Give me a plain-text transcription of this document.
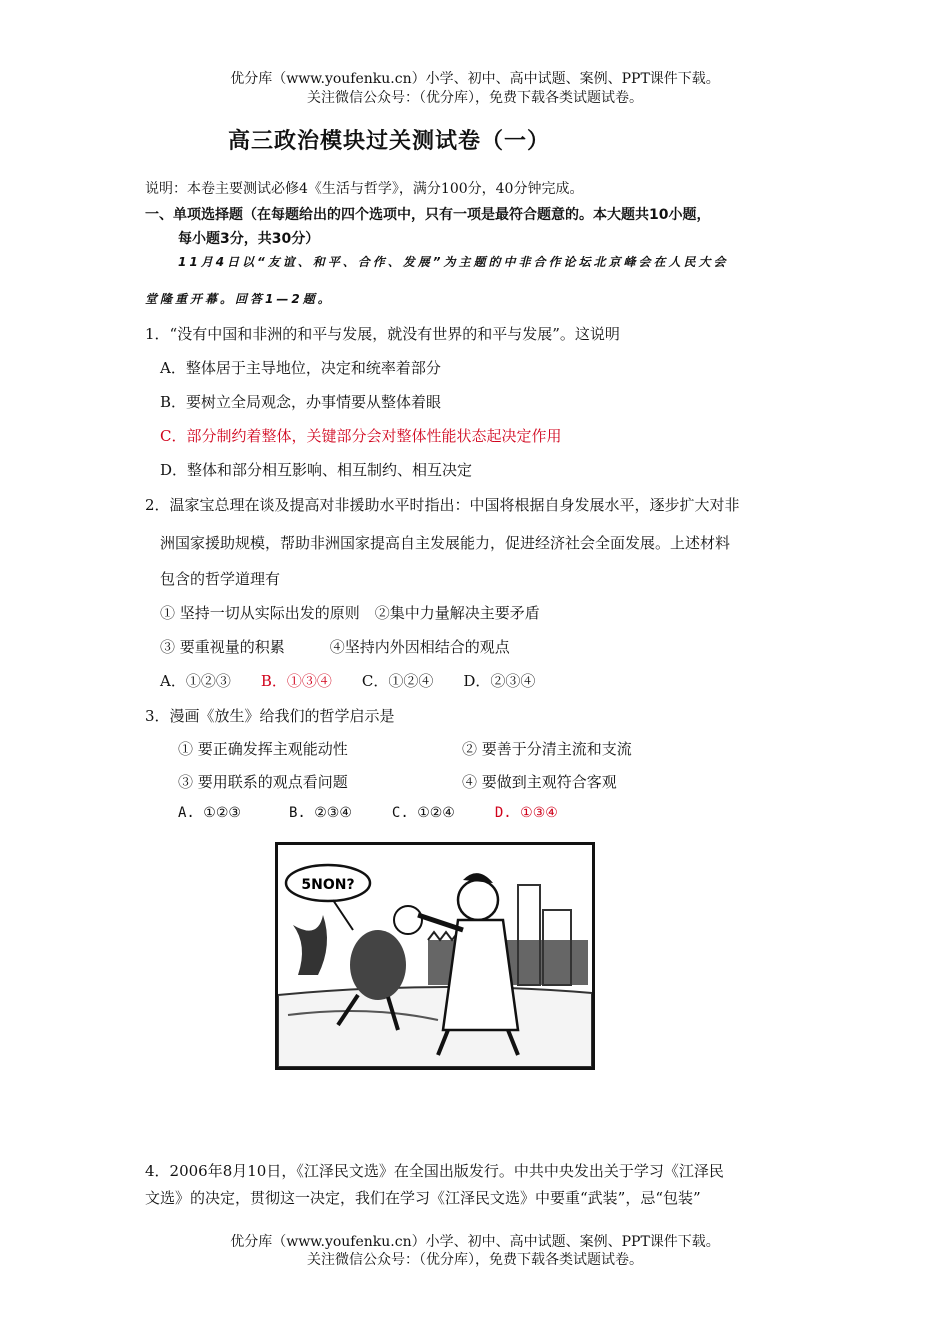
优分库（www.youfenku.cn）小学、初中、高中试题、案例、PPT课件下载。
关注微信公众号：（优分库），免费下载各类试题试卷。
高三政治模块过关测试卷（一）
说明：本卷主要测试必修4《生活与哲学》，满分100分，40分钟完成。
一、单项选择题（在每题给出的四个选项中，只有一项是最符合题意的。本大题共10小题，
每小题3分，共30分）
11月4日以“友谊、和平、合作、发展”为主题的中非合作论坛北京峰会在人民大会
堂隆重开幕。回答1—2题。
1．“没有中国和非洲的和平与发展，就没有世界的和平与发展”。这说明
A．整体居于主导地位，决定和统率着部分
B．要树立全局观念，办事情要从整体着眼
C．部分制约着整体，关键部分会对整体性能状态起决定作用
D．整体和部分相互影响、相互制约、相互决定
2．温家宝总理在谈及提高对非援助水平时指出：中国将根据自身发展水平，逐步扩大对非
洲国家援助规模，帮助非洲国家提高自主发展能力，促进经济社会全面发展。上述材料
包含的哲学道理有
① 坚持一切从实际出发的原则　②集中力量解决主要矛盾
③ 要重视量的积累　　　④坚持内外因相结合的观点
A．①②③ B．①③④ C．①②④ D．②③④
3．漫画《放生》给我们的哲学启示是
① 要正确发挥主观能动性	② 要善于分清主流和支流
③ 要用联系的观点看问题	④ 要做到主观符合客观
A. ①②③	B. ②③④	C. ①②④	D. ①③④
5NON?
4．2006年8月10日，《江泽民文选》在全国出版发行。中共中央发出关于学习《江泽民
文选》的决定，贯彻这一决定，我们在学习《江泽民文选》中要重“武装”，忌“包装”
优分库（www.youfenku.cn）小学、初中、高中试题、案例、PPT课件下载。
关注微信公众号：（优分库），免费下载各类试题试卷。
